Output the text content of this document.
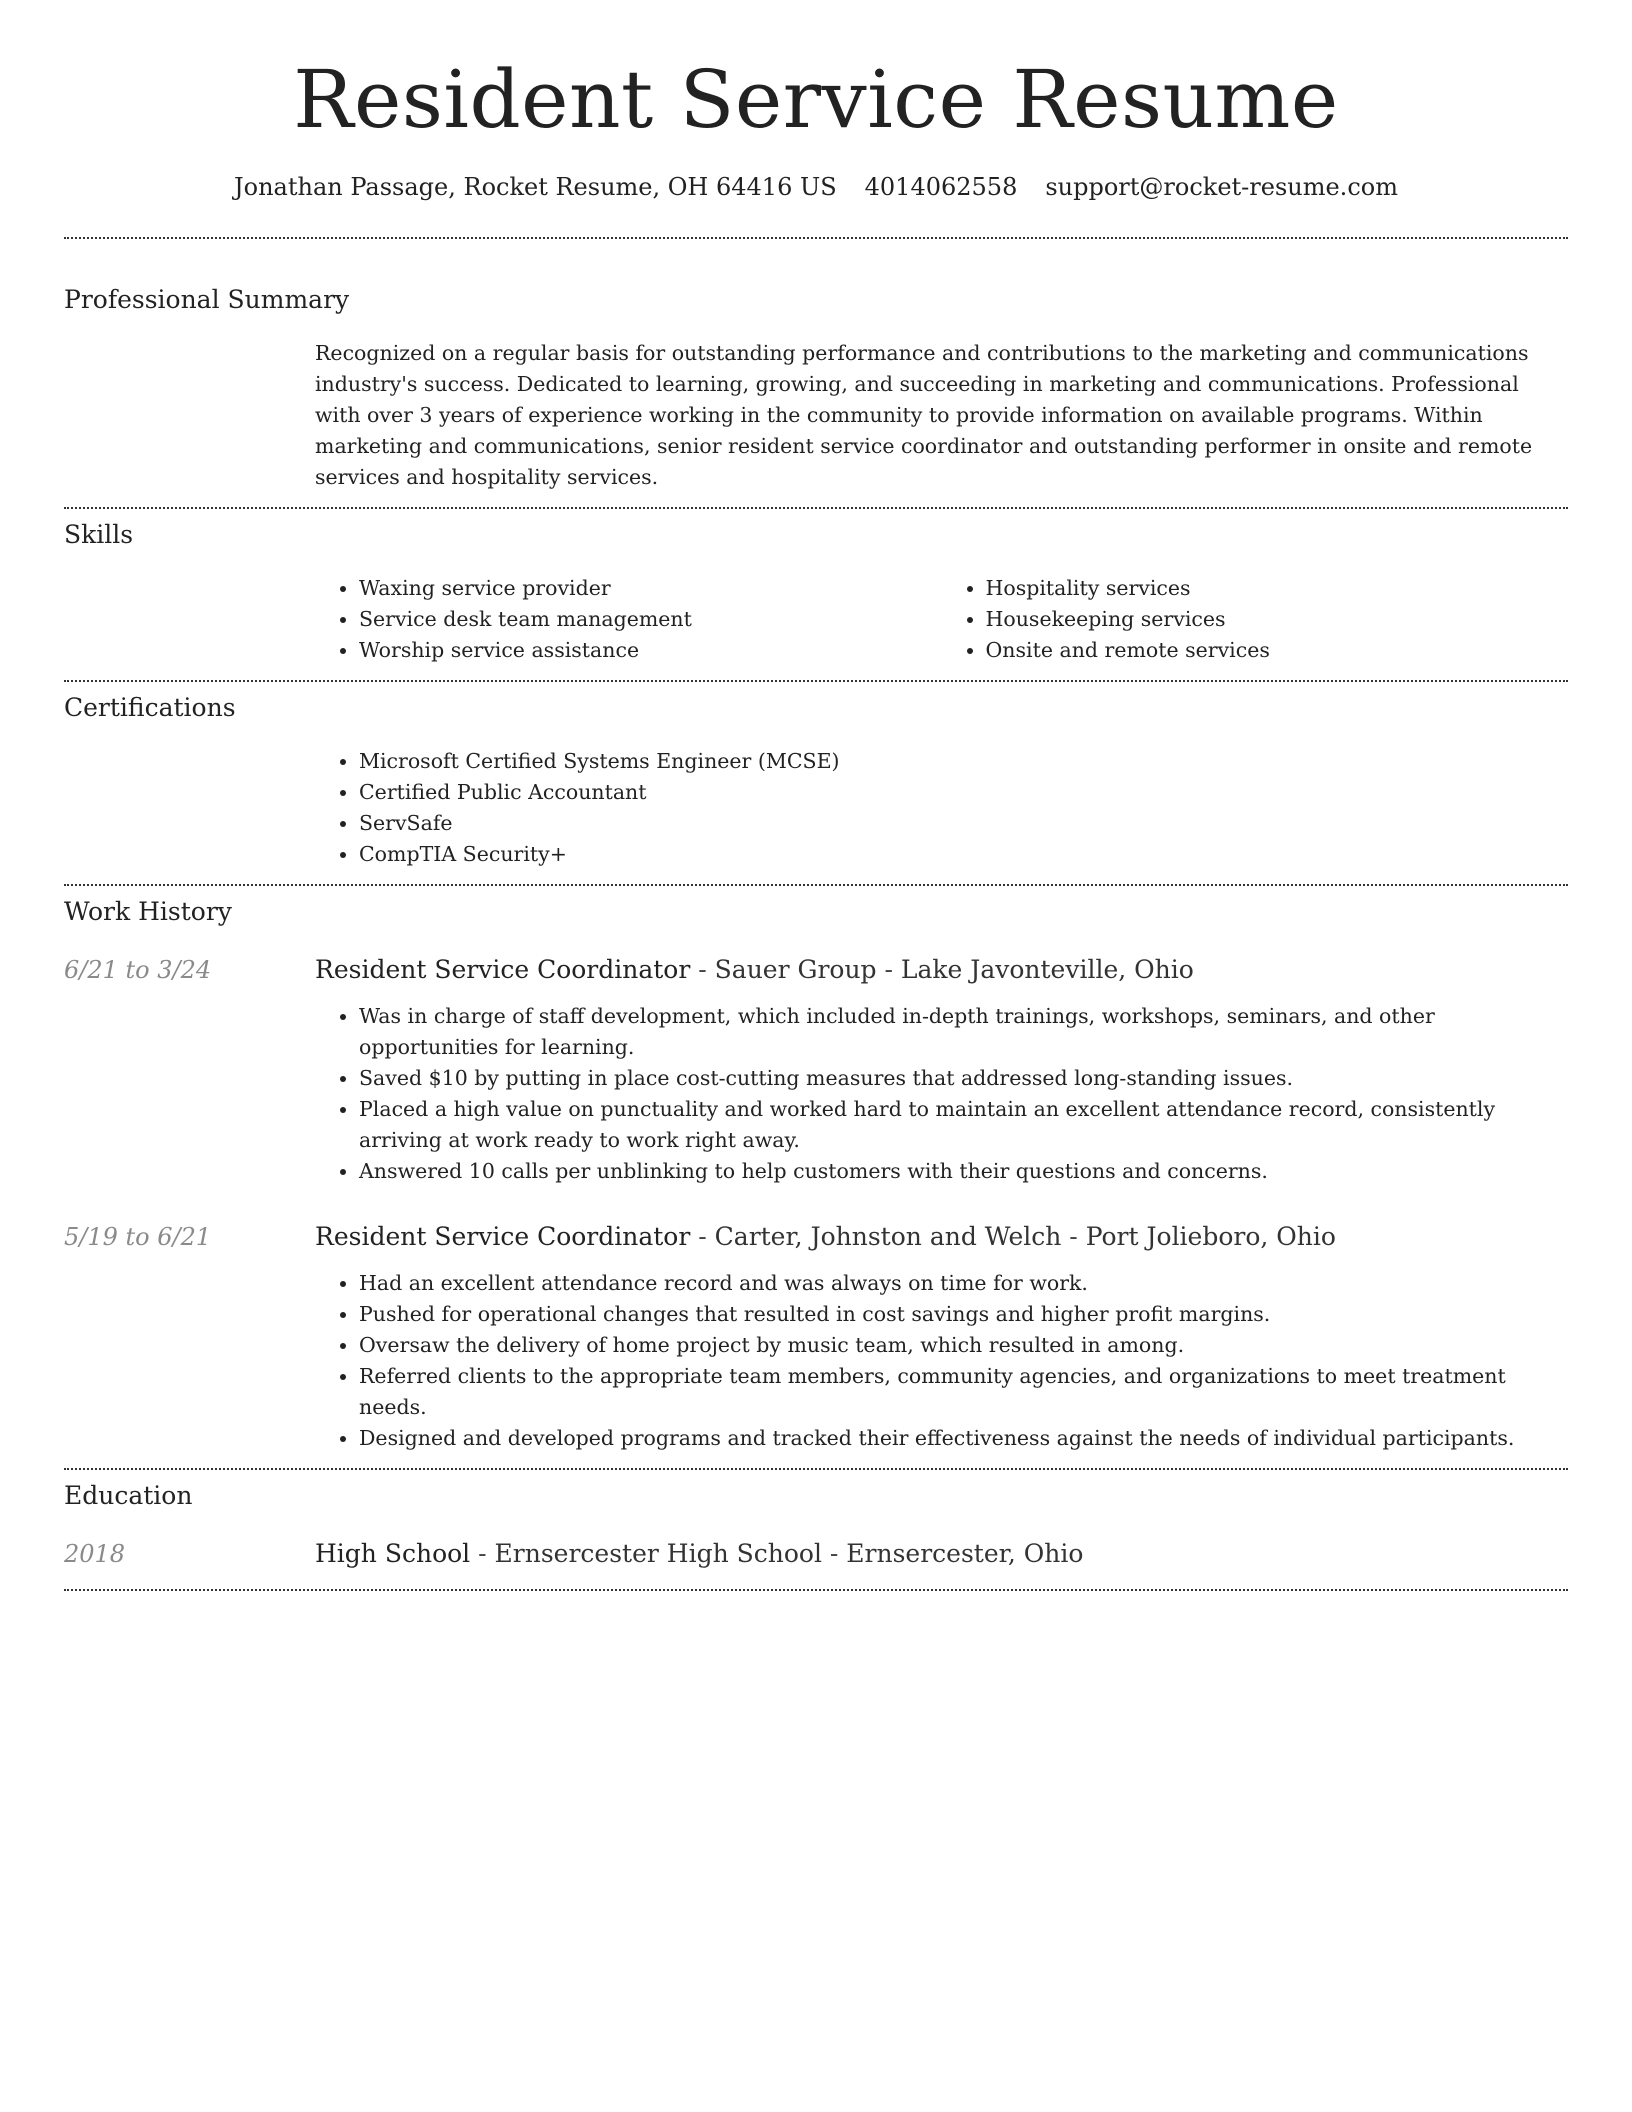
Resident Service Resume
Jonathan Passage, Rocket Resume, OH 64416 US 4014062558 support@rocket-resume.com
Professional Summary

Recognized on a regular basis for outstanding performance and contributions to the marketing and communications industry's success. Dedicated to learning, growing, and succeeding in marketing and communications. Professional with over 3 years of experience working in the community to provide information on available programs. Within marketing and communications, senior resident service coordinator and outstanding performer in onsite and remote services and hospitality services.

Skills
• Waxing service provider
• Service desk team management
• Worship service assistance
• Hospitality services
• Housekeeping services
• Onsite and remote services
Certifications
• Microsoft Certified Systems Engineer (MCSE)
• Certified Public Accountant
• ServSafe
• CompTIA Security+
Work History
6/21 to 3/24	Resident Service Coordinator - Sauer Group - Lake Javonteville, Ohio
• Was in charge of staff development, which included in-depth trainings, workshops, seminars, and other opportunities for learning.
• Saved $10 by putting in place cost-cutting measures that addressed long-standing issues.
• Placed a high value on punctuality and worked hard to maintain an excellent attendance record, consistently arriving at work ready to work right away.
• Answered 10 calls per unblinking to help customers with their questions and concerns.
5/19 to 6/21	Resident Service Coordinator - Carter, Johnston and Welch - Port Jolieboro, Ohio
• Had an excellent attendance record and was always on time for work.
• Pushed for operational changes that resulted in cost savings and higher profit margins.
• Oversaw the delivery of home project by music team, which resulted in among.
• Referred clients to the appropriate team members, community agencies, and organizations to meet treatment needs.
• Designed and developed programs and tracked their effectiveness against the needs of individual participants.
Education
2018	High School - Ernsercester High School - Ernsercester, Ohio
